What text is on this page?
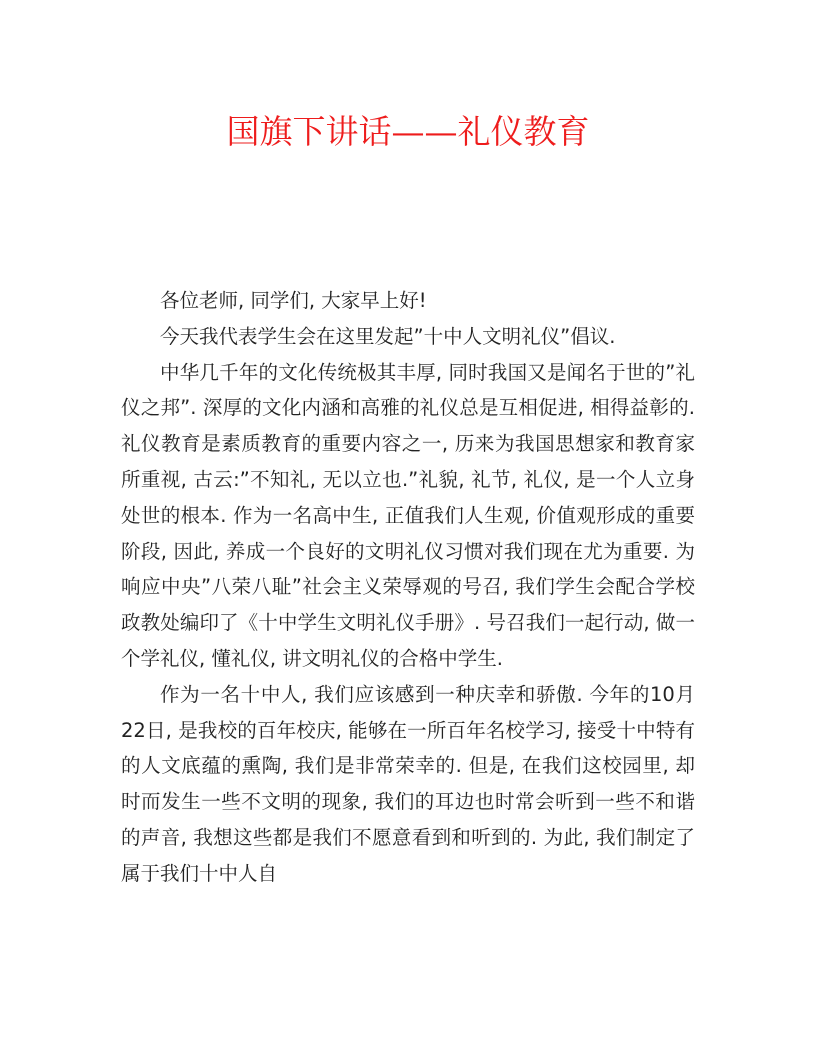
国旗下讲话——礼仪教育

各位老师, 同学们, 大家早上好!

今天我代表学生会在这里发起”十中人文明礼仪”倡议.

中华几千年的文化传统极其丰厚, 同时我国又是闻名于世的”礼仪之邦”. 深厚的文化内涵和高雅的礼仪总是互相促进, 相得益彰的. 礼仪教育是素质教育的重要内容之一, 历来为我国思想家和教育家所重视, 古云:”不知礼, 无以立也.”礼貌, 礼节, 礼仪, 是一个人立身处世的根本. 作为一名高中生, 正值我们人生观, 价值观形成的重要阶段, 因此, 养成一个良好的文明礼仪习惯对我们现在尤为重要. 为响应中央”八荣八耻”社会主义荣辱观的号召, 我们学生会配合学校政教处编印了《十中学生文明礼仪手册》. 号召我们一起行动, 做一个学礼仪, 懂礼仪, 讲文明礼仪的合格中学生.

作为一名十中人, 我们应该感到一种庆幸和骄傲. 今年的10月22日, 是我校的百年校庆, 能够在一所百年名校学习, 接受十中特有的人文底蕴的熏陶, 我们是非常荣幸的. 但是, 在我们这校园里, 却时而发生一些不文明的现象, 我们的耳边也时常会听到一些不和谐的声音, 我想这些都是我们不愿意看到和听到的. 为此, 我们制定了属于我们十中人自
